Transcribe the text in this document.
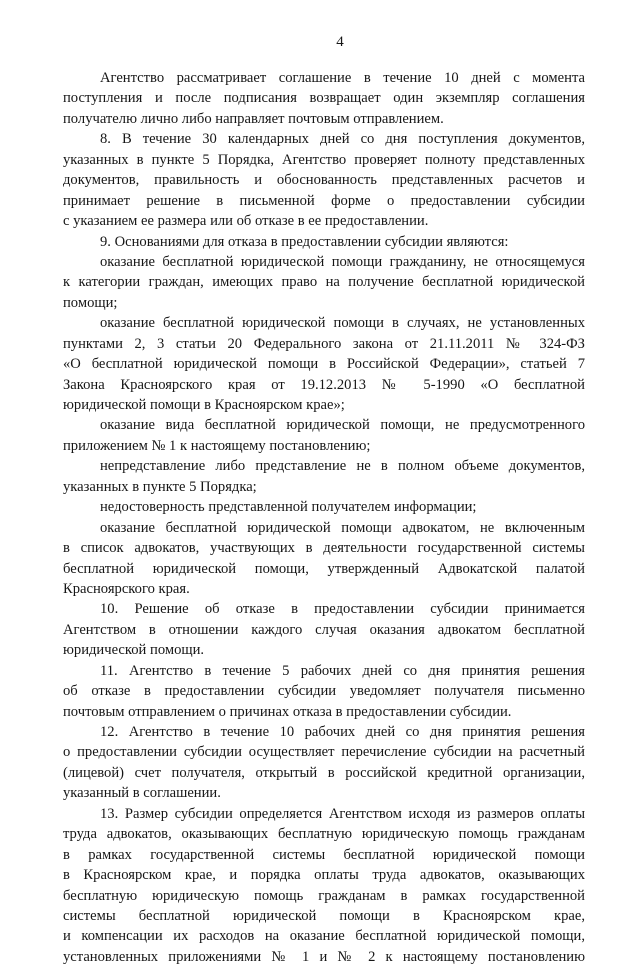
4
Агентство рассматривает соглашение в течение 10 дней с момента
поступления и после подписания возвращает один экземпляр соглашения
получателю лично либо направляет почтовым отправлением.
8. В течение 30 календарных дней со дня поступления документов,
указанных в пункте 5 Порядка, Агентство проверяет полноту представленных
документов, правильность и обоснованность представленных расчетов и
принимает решение в письменной форме о предоставлении субсидии
с указанием ее размера или об отказе в ее предоставлении.
9. Основаниями для отказа в предоставлении субсидии являются:
оказание бесплатной юридической помощи гражданину, не относящемуся
к категории граждан, имеющих право на получение бесплатной юридической
помощи;
оказание бесплатной юридической помощи в случаях, не установленных
пунктами 2, 3 статьи 20 Федерального закона от 21.11.2011 № 324-ФЗ
«О бесплатной юридической помощи в Российской Федерации», статьей 7
Закона Красноярского края от 19.12.2013 № 5-1990 «О бесплатной
юридической помощи в Красноярском крае»;
оказание вида бесплатной юридической помощи, не предусмотренного
приложением № 1 к настоящему постановлению;
непредставление либо представление не в полном объеме документов,
указанных в пункте 5 Порядка;
недостоверность представленной получателем информации;
оказание бесплатной юридической помощи адвокатом, не включенным
в список адвокатов, участвующих в деятельности государственной системы
бесплатной юридической помощи, утвержденный Адвокатской палатой
Красноярского края.
10. Решение об отказе в предоставлении субсидии принимается
Агентством в отношении каждого случая оказания адвокатом бесплатной
юридической помощи.
11. Агентство в течение 5 рабочих дней со дня принятия решения
об отказе в предоставлении субсидии уведомляет получателя письменно
почтовым отправлением о причинах отказа в предоставлении субсидии.
12. Агентство в течение 10 рабочих дней со дня принятия решения
о предоставлении субсидии осуществляет перечисление субсидии на расчетный
(лицевой) счет получателя, открытый в российской кредитной организации,
указанный в соглашении.
13. Размер субсидии определяется Агентством исходя из размеров оплаты
труда адвокатов, оказывающих бесплатную юридическую помощь гражданам
в рамках государственной системы бесплатной юридической помощи
в Красноярском крае, и порядка оплаты труда адвокатов, оказывающих
бесплатную юридическую помощь гражданам в рамках государственной
системы бесплатной юридической помощи в Красноярском крае,
и компенсации их расходов на оказание бесплатной юридической помощи,
установленных приложениями № 1 и № 2 к настоящему постановлению
